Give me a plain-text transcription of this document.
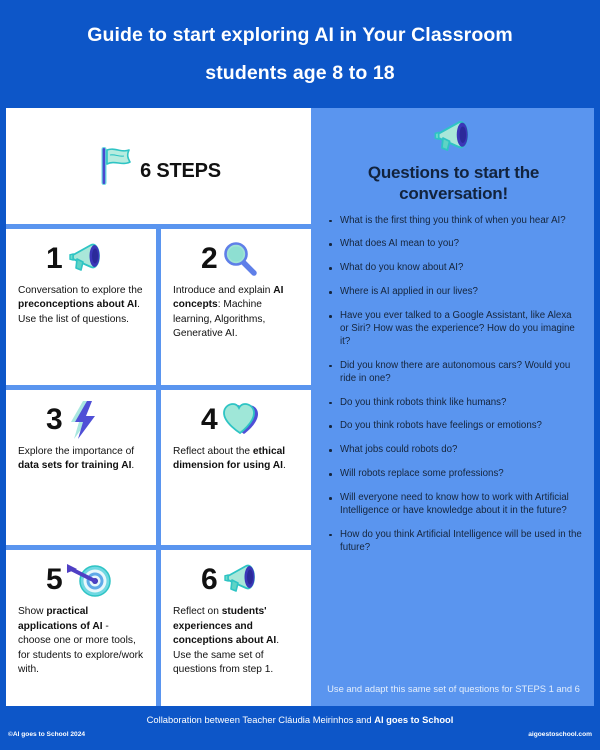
Guide to start exploring AI in Your Classroom
students age 8 to 18
6 STEPS
1
Conversation to explore the preconceptions about AI. Use the list of questions.
2
Introduce and explain AI concepts: Machine learning, Algorithms, Generative AI.
3
Explore the importance of data sets for training AI.
4
Reflect about the ethical dimension for using AI.
5
Show practical applications of AI - choose one or more tools, for students to explore/work with.
6
Reflect on students' experiences and conceptions about AI. Use the same set of questions from step 1.
Questions to start the conversation!
What is the first thing you think of when you hear AI?
What does AI mean to you?
What do you know about AI?
Where is AI applied in our lives?
Have you ever talked to a Google Assistant, like Alexa or Siri? How was the experience? How do you imagine it?
Did you know there are autonomous cars? Would you ride in one?
Do you think robots think like humans?
Do you think robots have feelings or emotions?
What jobs could robots do?
Will robots replace some professions?
Will everyone need to know how to work with Artificial Intelligence or have knowledge about it in the future?
How do you think Artificial Intelligence will be used in the future?
Use and adapt this same set of questions for STEPS 1 and 6
Collaboration between Teacher Cláudia Meirinhos and AI goes to School
©AI goes to School 2024	aigoestoschool.com
